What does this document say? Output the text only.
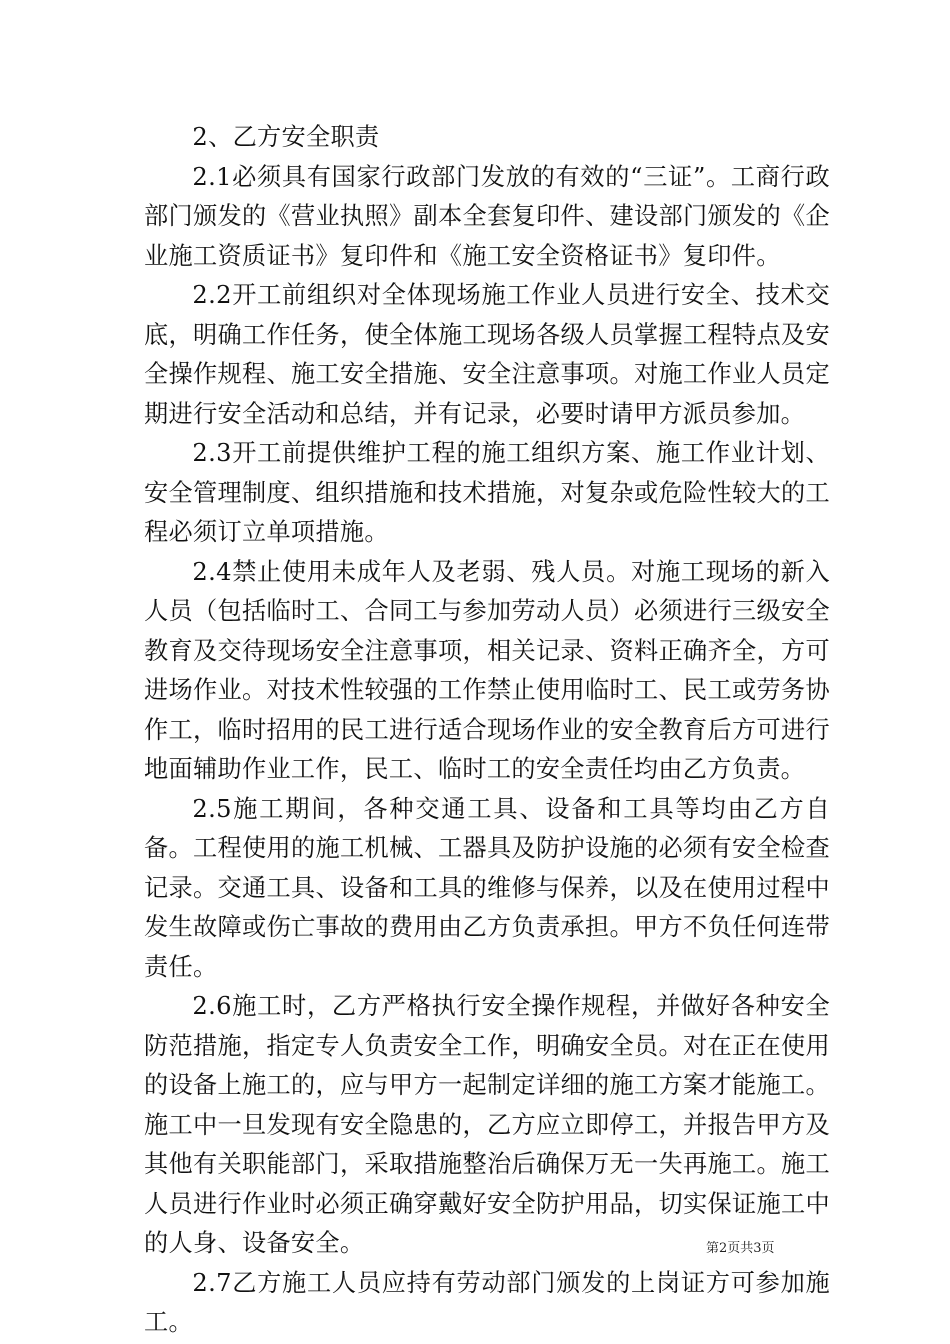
2、乙方安全职责

2.1必须具有国家行政部门发放的有效的“三证”。工商行政部门颁发的《营业执照》副本全套复印件、建设部门颁发的《企业施工资质证书》复印件和《施工安全资格证书》复印件。

2.2开工前组织对全体现场施工作业人员进行安全、技术交底，明确工作任务，使全体施工现场各级人员掌握工程特点及安全操作规程、施工安全措施、安全注意事项。对施工作业人员定期进行安全活动和总结，并有记录，必要时请甲方派员参加。

2.3开工前提供维护工程的施工组织方案、施工作业计划、安全管理制度、组织措施和技术措施，对复杂或危险性较大的工程必须订立单项措施。

2.4禁止使用未成年人及老弱、残人员。对施工现场的新入人员（包括临时工、合同工与参加劳动人员）必须进行三级安全教育及交待现场安全注意事项，相关记录、资料正确齐全，方可进场作业。对技术性较强的工作禁止使用临时工、民工或劳务协作工，临时招用的民工进行适合现场作业的安全教育后方可进行地面辅助作业工作，民工、临时工的安全责任均由乙方负责。

2.5施工期间，各种交通工具、设备和工具等均由乙方自备。工程使用的施工机械、工器具及防护设施的必须有安全检查记录。交通工具、设备和工具的维修与保养，以及在使用过程中发生故障或伤亡事故的费用由乙方负责承担。甲方不负任何连带责任。

2.6施工时，乙方严格执行安全操作规程，并做好各种安全防范措施，指定专人负责安全工作，明确安全员。对在正在使用的设备上施工的，应与甲方一起制定详细的施工方案才能施工。施工中一旦发现有安全隐患的，乙方应立即停工，并报告甲方及其他有关职能部门，采取措施整治后确保万无一失再施工。施工人员进行作业时必须正确穿戴好安全防护用品，切实保证施工中的人身、设备安全。

2.7乙方施工人员应持有劳动部门颁发的上岗证方可参加施工。

第2页共3页
